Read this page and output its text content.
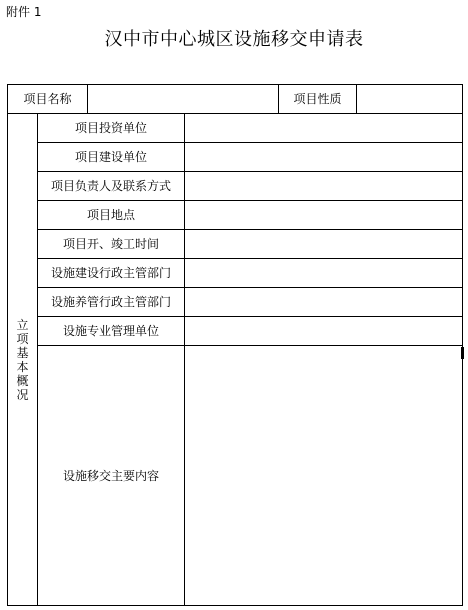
附件 1
汉中市中心城区设施移交申请表
项目名称	项目性质
立
项
基
本
概
况
项目投资单位
项目建设单位
项目负责人及联系方式
项目地点
项目开、竣工时间
设施建设行政主管部门
设施养管行政主管部门
设施专业管理单位
设施移交主要内容
